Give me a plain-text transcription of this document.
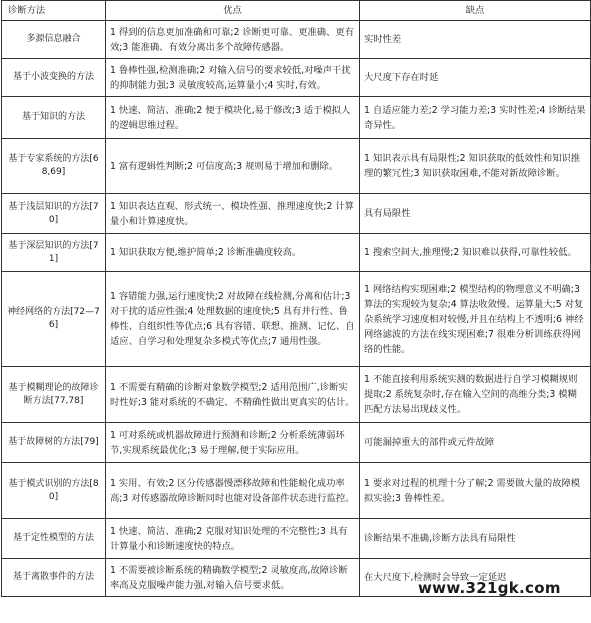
诊断方法	优点	缺点
多源信息融合	1 得到的信息更加准确和可靠;2 诊断更可靠、更准确、更有效;3 能准确、有效分离出多个故障传感器。	实时性差
基于小波变换的方法	1 鲁棒性强,检测准确;2 对输入信号的要求较低,对噪声干扰的抑制能力强;3 灵敏度较高,运算量小;4 实时,有效。	大尺度下存在时延
基于知识的方法	1 快速、简洁、准确;2 便于模块化,易于修改;3 适于模拟人的逻辑思维过程。	1 自适应能力差;2 学习能力差;3 实时性差;4 诊断结果奇异性。
基于专家系统的方法[68,69]	1 富有逻辑性判断;2 可信度高;3 规则易于增加和删除。	1 知识表示具有局限性;2 知识获取的低效性和知识推理的繁冗性;3 知识获取困难,不能对新故障诊断。
基于浅层知识的方法[70]	1 知识表达直观、形式统一、模块性强、推理速度快;2 计算量小和计算速度快。	具有局限性
基于深层知识的方法[71]	1 知识获取方便,维护简单;2 诊断准确度较高。	1 搜索空间大,推理慢;2 知识难以获得,可靠性较低。
神经网络的方法[72—76]	1 容错能力强,运行速度快;2 对故障在线检测,分离和估计;3 对干扰的适应性强;4 处理数据的速度快;5 具有并行性、鲁棒性、自组织性等优点;6 具有容错、联想、推测、记忆、自适应、自学习和处理复杂多模式等优点;7 通用性强。	1 网络结构实现困难;2 模型结构的物理意义不明确;3 算法的实现较为复杂;4 算法收敛慢、运算量大;5 对复杂系统学习速度相对较慢,并且在结构上不透明;6 神经网络滤波的方法在线实现困难;7 很难分析训练获得网络的性能。
基于模糊理论的故障诊断方法[77,78]	1 不需要有精确的诊断对象数学模型;2 适用范围广,诊断实时性好;3 能对系统的不确定、不精确性做出更真实的估计。	1 不能直接利用系统实测的数据进行自学习模糊规则提取;2 系统复杂时,存在输入空间的高维分类;3 模糊匹配方法易出现歧义性。
基于故障树的方法[79]	1 可对系统或机器故障进行预测和诊断;2 分析系统薄弱环节,实现系统最优化;3 易于理解,便于实际应用。	可能漏掉重大的部件或元件故障
基于模式识别的方法[80]	1 实用、有效;2 区分传感器慢漂移故障和性能蜕化成功率高;3 对传感器故障诊断同时也能对设备部件状态进行监控。	1 要求对过程的机理十分了解;2 需要做大量的故障模拟实验;3 鲁棒性差。
基于定性模型的方法	1 快速、简洁、准确;2 克服对知识处理的不完整性;3 具有计算量小和诊断速度快的特点。	诊断结果不准确,诊断方法具有局限性
基于离散事件的方法	1 不需要被诊断系统的精确数学模型;2 灵敏度高,故障诊断率高及克服噪声能力强,对输入信号要求低。	在大尺度下,检测时会导致一定延迟
www.321gk.com
